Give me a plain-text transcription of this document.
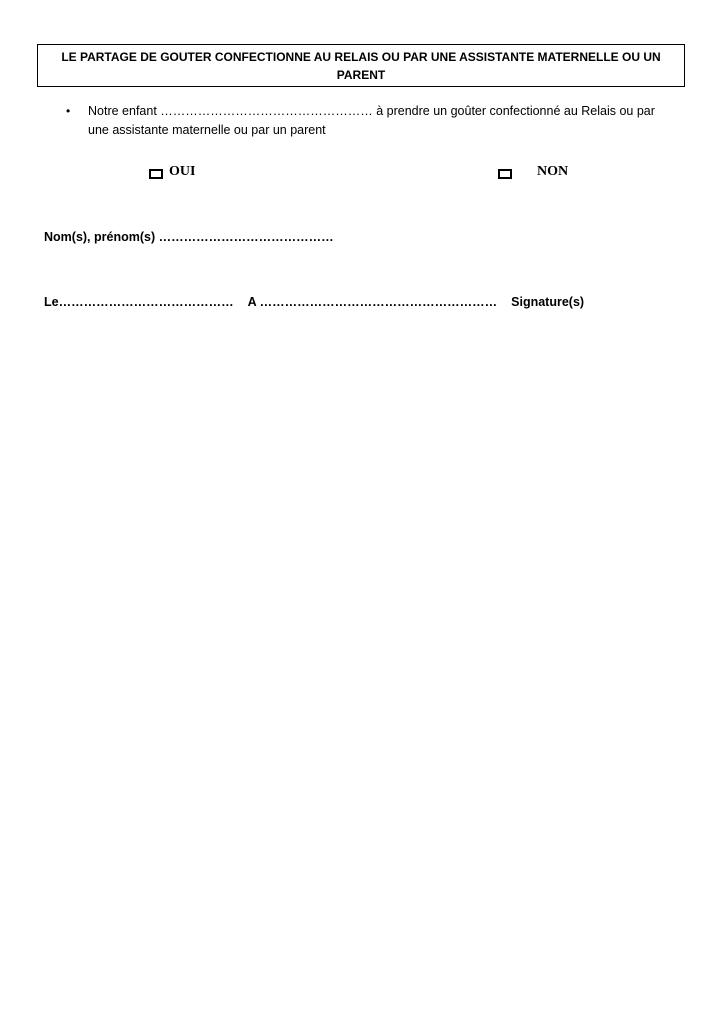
LE PARTAGE DE GOUTER CONFECTIONNE AU RELAIS OU PAR UNE ASSISTANTE MATERNELLE OU UN PARENT
• Notre enfant …………………………………………… à prendre un goûter confectionné au Relais ou par une assistante maternelle ou par un parent
OUI	NON
Nom(s), prénom(s) ……………………………………
Le…………………………………… A ………………………………………………… Signature(s)
